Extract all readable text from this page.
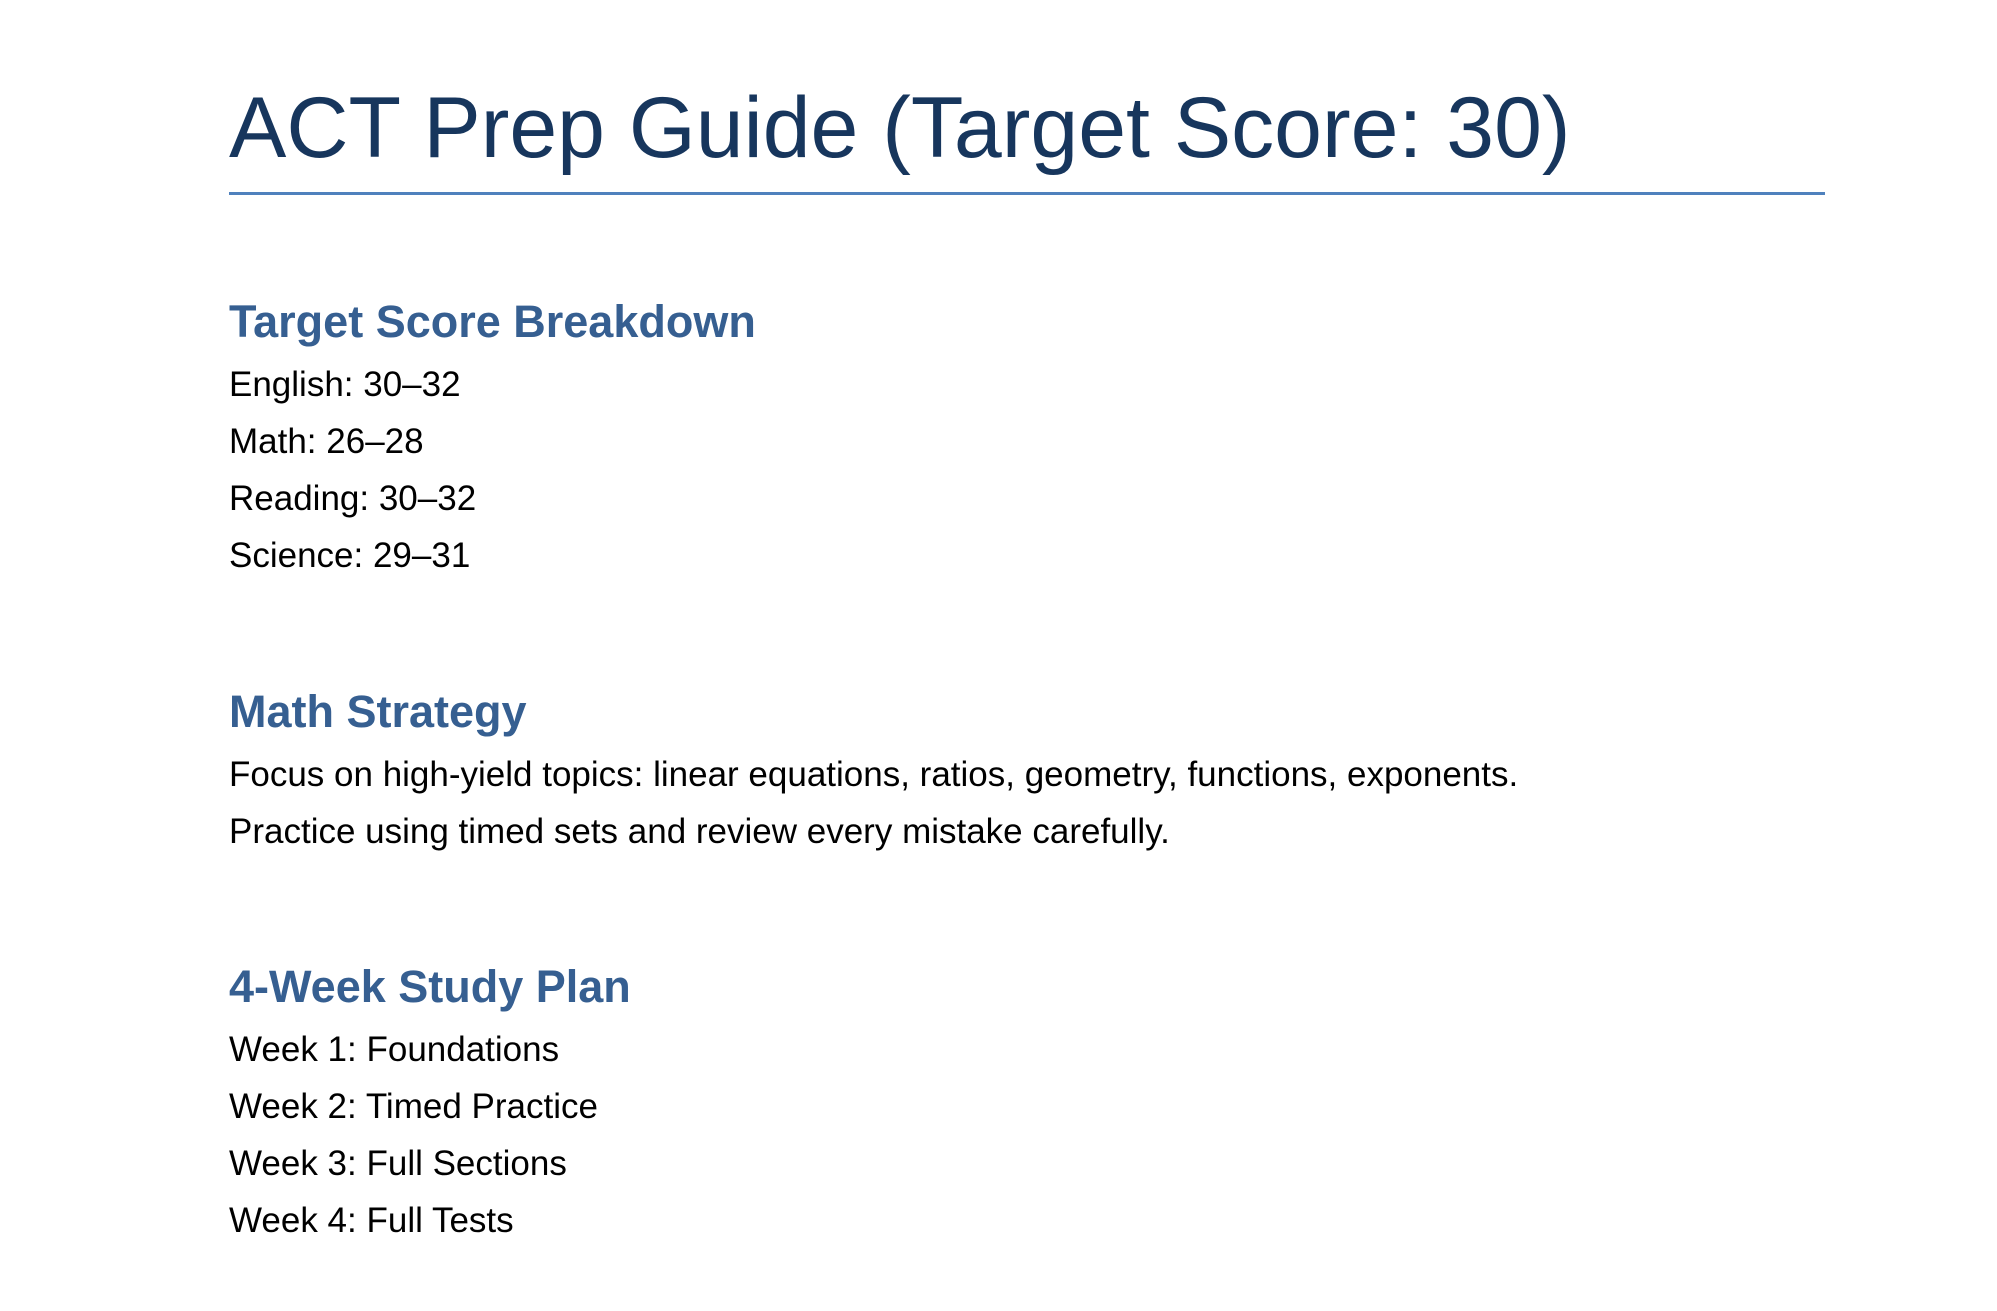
ACT Prep Guide (Target Score: 30)
Target Score Breakdown

English: 30–32

Math: 26–28

Reading: 30–32

Science: 29–31

Math Strategy

Focus on high-yield topics: linear equations, ratios, geometry, functions, exponents.

Practice using timed sets and review every mistake carefully.

4-Week Study Plan

Week 1: Foundations

Week 2: Timed Practice

Week 3: Full Sections

Week 4: Full Tests
